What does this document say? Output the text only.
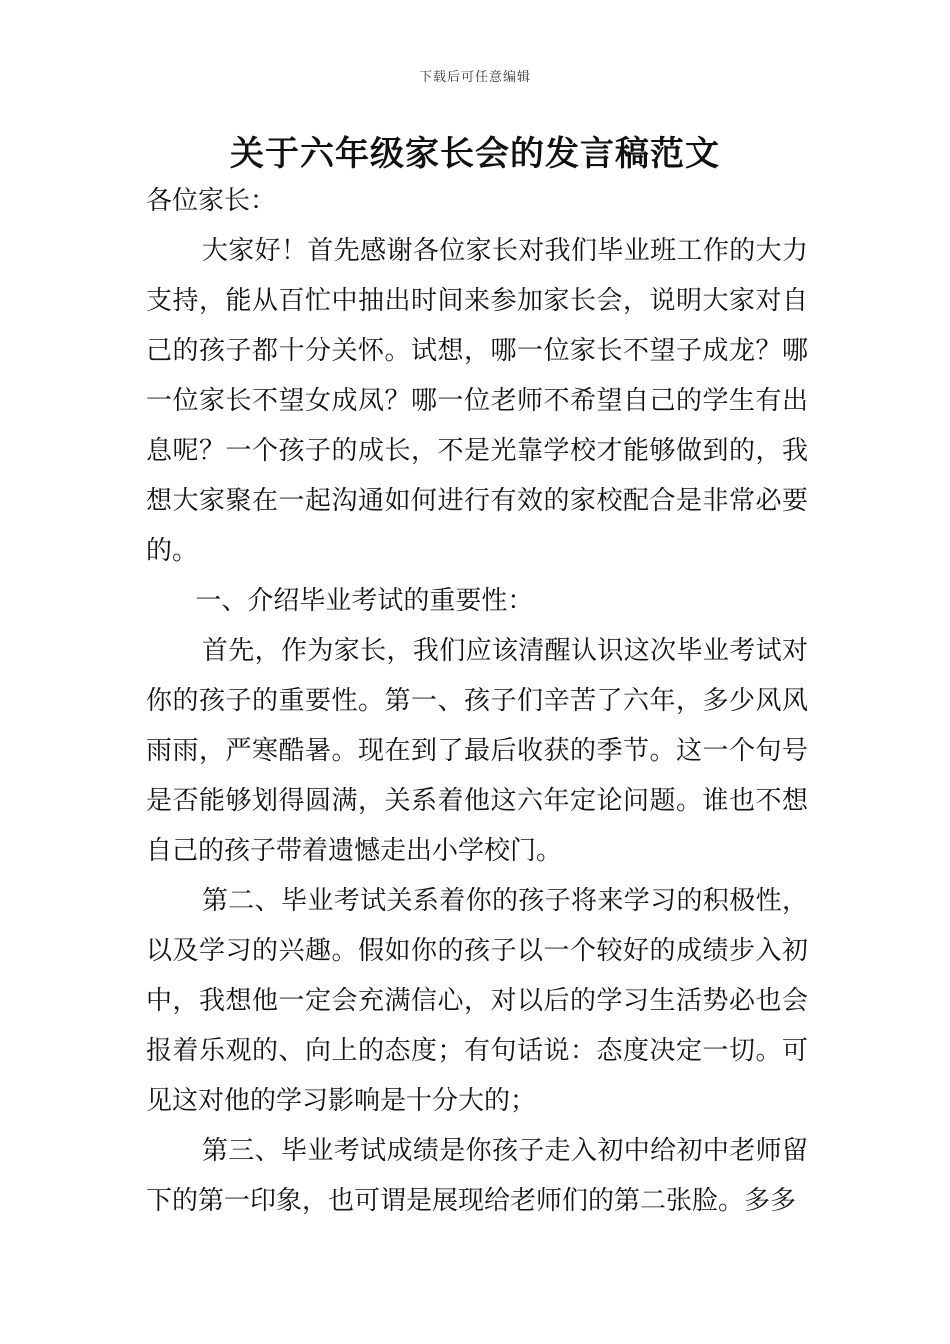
下载后可任意编辑
关于六年级家长会的发言稿范文

各位家长：

大家好！首先感谢各位家长对我们毕业班工作的大力支持，能从百忙中抽出时间来参加家长会，说明大家对自己的孩子都十分关怀。试想，哪一位家长不望子成龙？哪一位家长不望女成凤？哪一位老师不希望自己的学生有出息呢？一个孩子的成长，不是光靠学校才能够做到的，我想大家聚在一起沟通如何进行有效的家校配合是非常必要的。

一、介绍毕业考试的重要性：

首先，作为家长，我们应该清醒认识这次毕业考试对你的孩子的重要性。第一、孩子们辛苦了六年，多少风风雨雨，严寒酷暑。现在到了最后收获的季节。这一个句号是否能够划得圆满，关系着他这六年定论问题。谁也不想自己的孩子带着遗憾走出小学校门。

第二、毕业考试关系着你的孩子将来学习的积极性，以及学习的兴趣。假如你的孩子以一个较好的成绩步入初中，我想他一定会充满信心，对以后的学习生活势必也会报着乐观的、向上的态度；有句话说：态度决定一切。可见这对他的学习影响是十分大的；

第三、毕业考试成绩是你孩子走入初中给初中老师留下的第一印象，也可谓是展现给老师们的第二张脸。多多
